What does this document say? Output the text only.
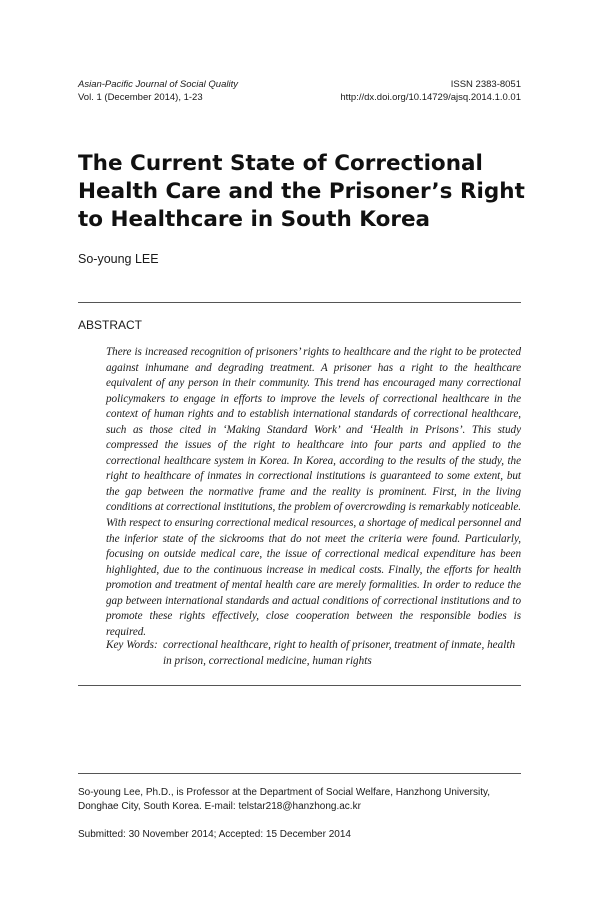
Asian-Pacific Journal of Social Quality
Vol. 1 (December 2014), 1-23
ISSN 2383-8051
http://dx.doi.org/10.14729/ajsq.2014.1.0.01
The Current State of Correctional Health Care and the Prisoner’s Right to Healthcare in South Korea
So-young LEE
ABSTRACT

There is increased recognition of prisoners’ rights to healthcare and the right to be protected against inhumane and degrading treatment. A prisoner has a right to the healthcare equivalent of any person in their community. This trend has encouraged many correctional policymakers to engage in efforts to improve the levels of correctional healthcare in the context of human rights and to establish international standards of correctional healthcare, such as those cited in ‘Making Standard Work’ and ‘Health in Prisons’. This study compressed the issues of the right to healthcare into four parts and applied to the correctional healthcare system in Korea. In Korea, according to the results of the study, the right to healthcare of inmates in correctional institutions is guaranteed to some extent, but the gap between the normative frame and the reality is prominent. First, in the living conditions at correctional institutions, the problem of overcrowding is remarkably noticeable. With respect to ensuring correctional medical resources, a shortage of medical personnel and the inferior state of the sickrooms that do not meet the criteria were found. Particularly, focusing on outside medical care, the issue of correctional medical expenditure has been highlighted, due to the continuous increase in medical costs. Finally, the efforts for health promotion and treatment of mental health care are merely formalities. In order to reduce the gap between international standards and actual conditions of correctional institutions and to promote these rights effectively, close cooperation between the responsible bodies is required.

Key Words: correctional healthcare, right to health of prisoner, treatment of inmate, health in prison, correctional medicine, human rights

So-young Lee, Ph.D., is Professor at the Department of Social Welfare, Hanzhong University, Donghae City, South Korea. E-mail: telstar218@hanzhong.ac.kr

Submitted: 30 November 2014; Accepted: 15 December 2014
